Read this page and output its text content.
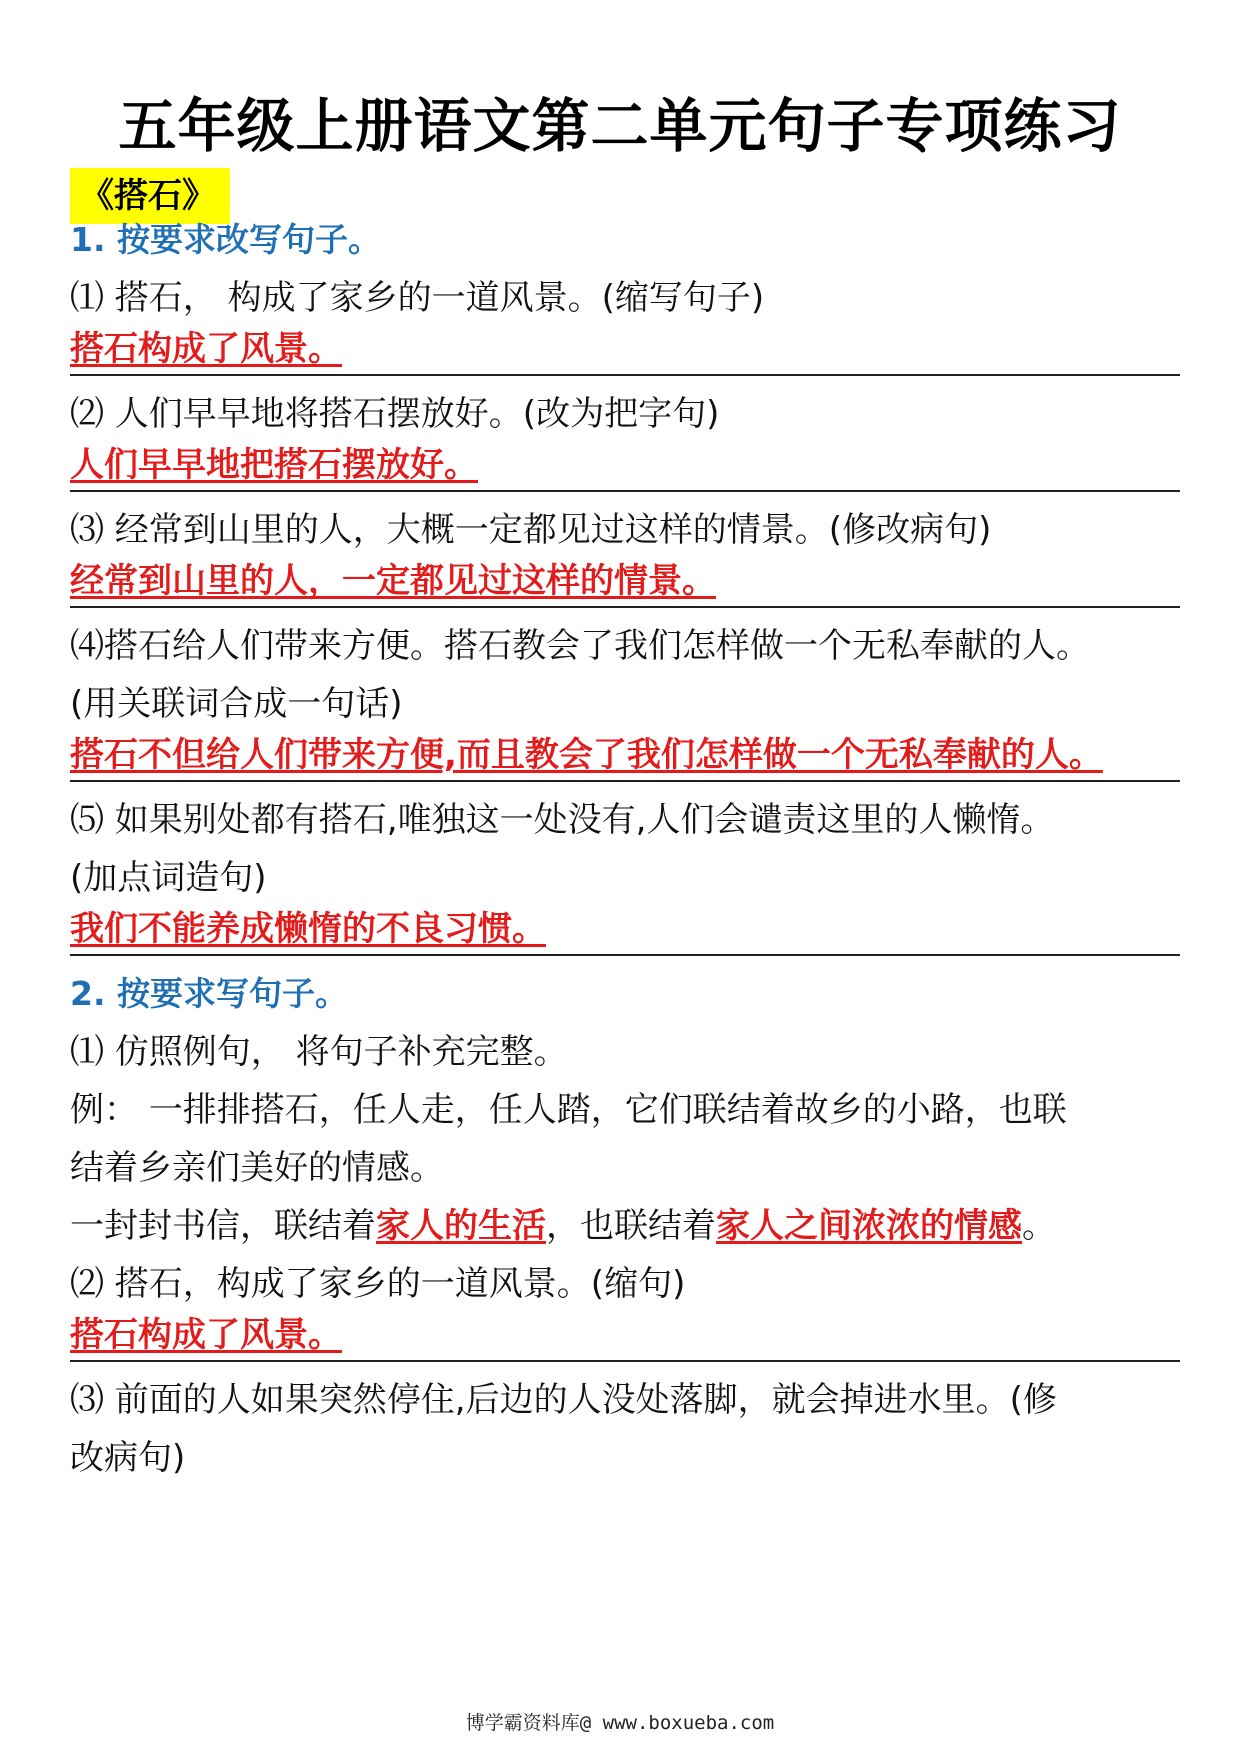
五年级上册语文第二单元句子专项练习
《搭石》
1. 按要求改写句子。
⑴ 搭石， 构成了家乡的一道风景。(缩写句子)
搭石构成了风景。
⑵ 人们早早地将搭石摆放好。(改为把字句)
人们早早地把搭石摆放好。
⑶ 经常到山里的人，大概一定都见过这样的情景。(修改病句)
经常到山里的人，一定都见过这样的情景。
⑷搭石给人们带来方便。搭石教会了我们怎样做一个无私奉献的人。
(用关联词合成一句话)
搭石不但给人们带来方便,而且教会了我们怎样做一个无私奉献的人。
⑸ 如果别处都有搭石,唯独这一处没有,人们会谴责这里的人懒惰。
(加点词造句)
我们不能养成懒惰的不良习惯。
2. 按要求写句子。
⑴ 仿照例句， 将句子补充完整。
例： 一排排搭石，任人走，任人踏，它们联结着故乡的小路，也联
结着乡亲们美好的情感。
一封封书信，联结着家人的生活，也联结着家人之间浓浓的情感。
⑵ 搭石，构成了家乡的一道风景。(缩句)
搭石构成了风景。
⑶ 前面的人如果突然停住,后边的人没处落脚，就会掉进水里。(修
改病句)
博学霸资料库@ www.boxueba.com
